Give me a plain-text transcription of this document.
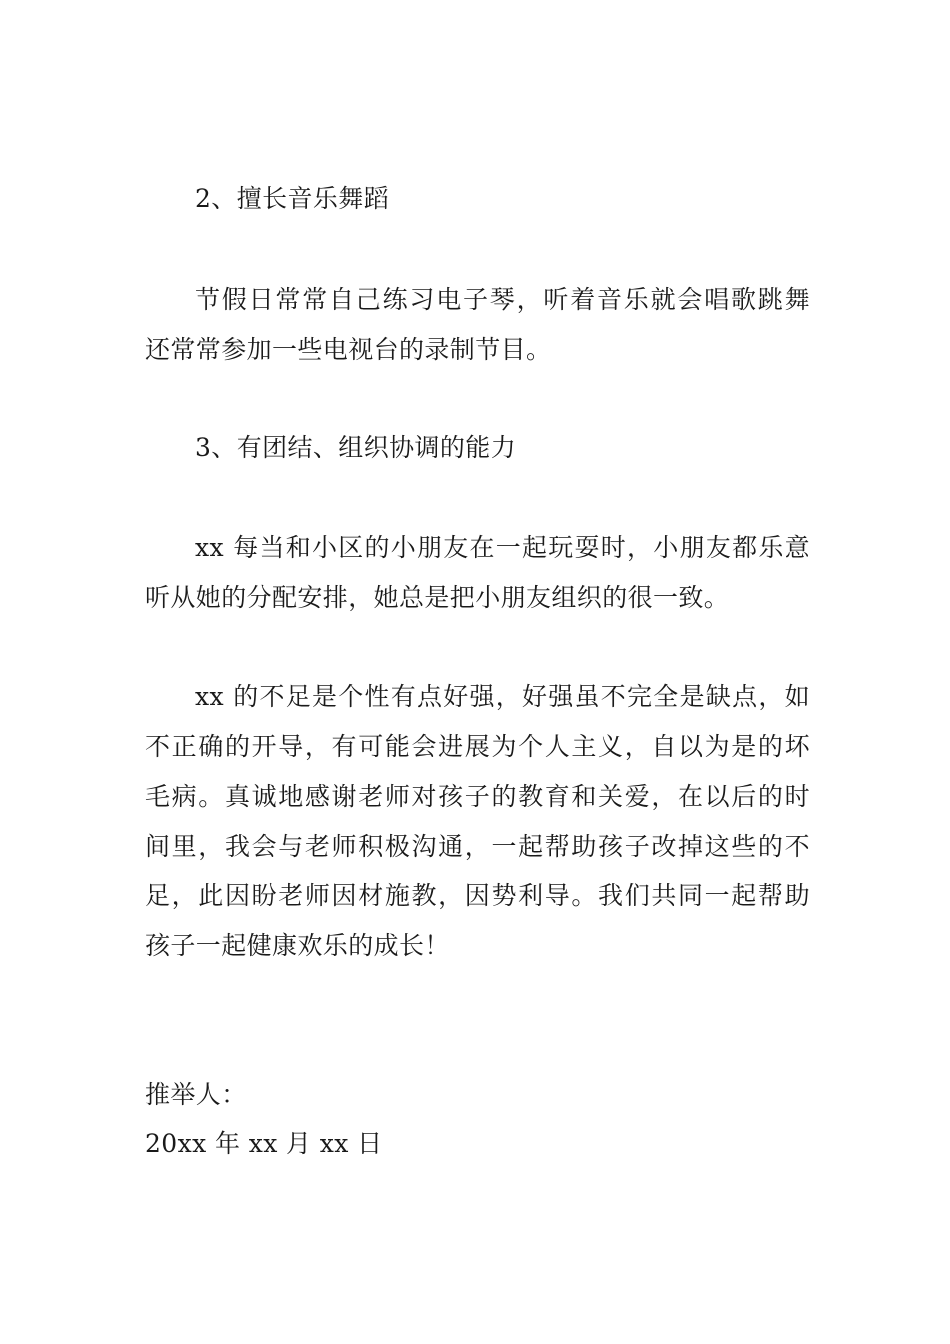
2、擅长音乐舞蹈
节假日常常自己练习电子琴，听着音乐就会唱歌跳舞
还常常参加一些电视台的录制节目。
3、有团结、组织协调的能力
xx 每当和小区的小朋友在一起玩耍时，小朋友都乐意
听从她的分配安排，她总是把小朋友组织的很一致。
xx 的不足是个性有点好强，好强虽不完全是缺点，如
不正确的开导，有可能会进展为个人主义，自以为是的坏
毛病。真诚地感谢老师对孩子的教育和关爱，在以后的时
间里，我会与老师积极沟通，一起帮助孩子改掉这些的不
足，此因盼老师因材施教，因势利导。我们共同一起帮助
孩子一起健康欢乐的成长！
推举人：
20xx 年 xx 月 xx 日
